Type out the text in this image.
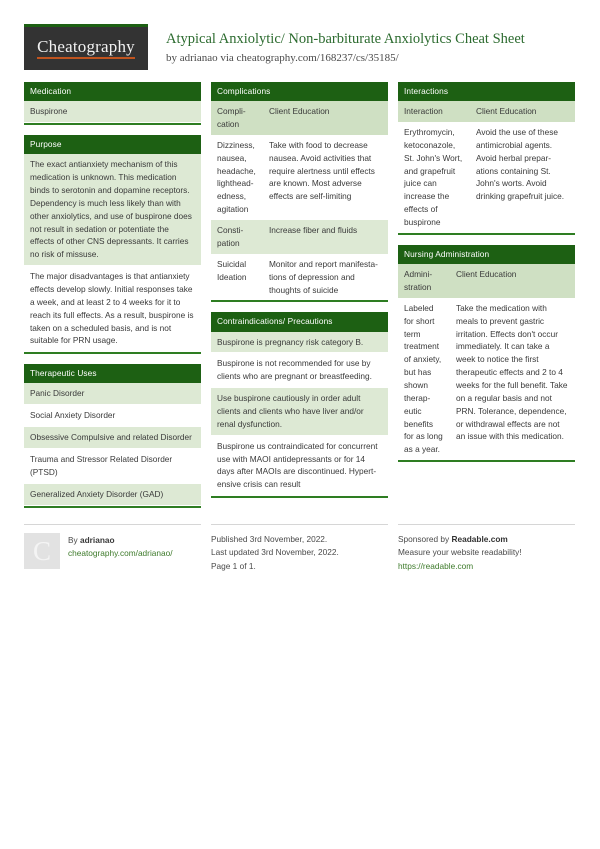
Cheatography Atypical Anxiolytic/ Non-barbiturate Anxiolytics Cheat Sheet
by adrianao via cheatography.com/168237/cs/35185/
Medication
Buspirone
Purpose
The exact antianxiety mechanism of this medication is unknown. This medication binds to serotonin and dopamine receptors. Dependency is much less likely than with other anxiolytics, and use of buspirone does not result in sedation or potentiate the effects of other CNS depressants. It carries no risk of missuse.
The major disadvantages is that antianxiety effects develop slowly. Initial responses take a week, and at least 2 to 4 weeks for it to reach its full effects. As a result, buspirone is taken on a scheduled basis, and is not suitable for PRN usage.
Therapeutic Uses
Panic Disorder
Social Anxiety Disorder
Obsessive Compulsive and related Disorder
Trauma and Stressor Related Disorder (PTSD)
Generalized Anxiety Disorder (GAD)
Complications
Complication
Client Education
Dizziness, nausea, headache, lightheadedness, agitation
Take with food to decrease nausea. Avoid activities that require alertness until effects are known. Most adverse effects are self-limiting
Constipation
Increase fiber and fluids
Suicidal Ideation
Monitor and report manifestations of depression and thoughts of suicide
Contraindications/ Precautions
Buspirone is pregnancy risk category B.
Buspirone is not recommended for use by clients who are pregnant or breastfeeding.
Use buspirone cautiously in order adult clients and clients who have liver and/or renal dysfunction.
Buspirone us contraindicated for concurrent use with MAOI antidepressants or for 14 days after MAOIs are discontinued. Hypertensive crisis can result
Interactions
Interaction	Client Education
Erythromycin, ketoconazole, St. John's Wort, and grapefruit juice can increase the effects of buspirone
Avoid the use of these antimicrobial agents. Avoid herbal preparations containing St. John's worts. Avoid drinking grapefruit juice.
Nursing Administration
Administration
Client Education
Labeled for short term treatment of anxiety, but has shown therapeutic benefits for as long as a year.
Take the medication with meals to prevent gastric irritation. Effects don't occur immediately. It can take a week to notice the first therapeutic effects and 2 to 4 weeks for the full benefit. Take on a regular basis and not PRN. Tolerance, dependence, or withdrawal effects are not an issue with this medication.
C	By adrianao
cheatography.com/adrianao/
Published 3rd November, 2022.
Last updated 3rd November, 2022.
Page 1 of 1.
Sponsored by Readable.com
Measure your website readability!
https://readable.com
